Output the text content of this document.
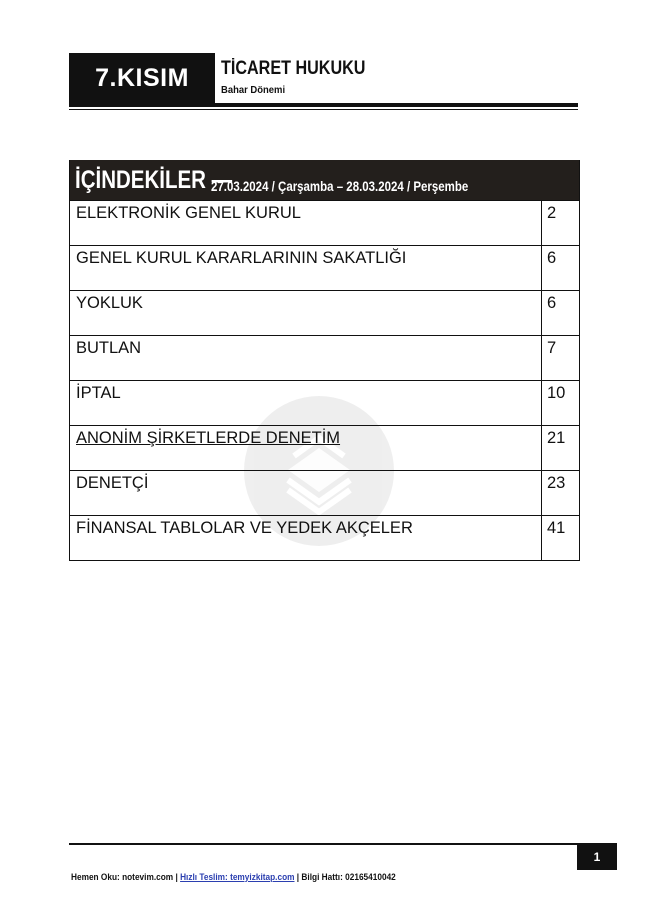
7.KISIM TİCARET HUKUKU
Bahar Dönemi
İÇİNDEKİLER —
27.03.2024 / Çarşamba – 28.03.2024 / Perşembe
ELEKTRONİK GENEL KURUL	2
GENEL KURUL KARARLARININ SAKATLIĞI	6
YOKLUK	6
BUTLAN	7
İPTAL	10
ANONİM ŞİRKETLERDE DENETİM	21
DENETÇİ	23
FİNANSAL TABLOLAR VE YEDEK AKÇELER	41
1
Hemen Oku: notevim.com | Hızlı Teslim: temyizkitap.com | Bilgi Hattı: 02165410042
